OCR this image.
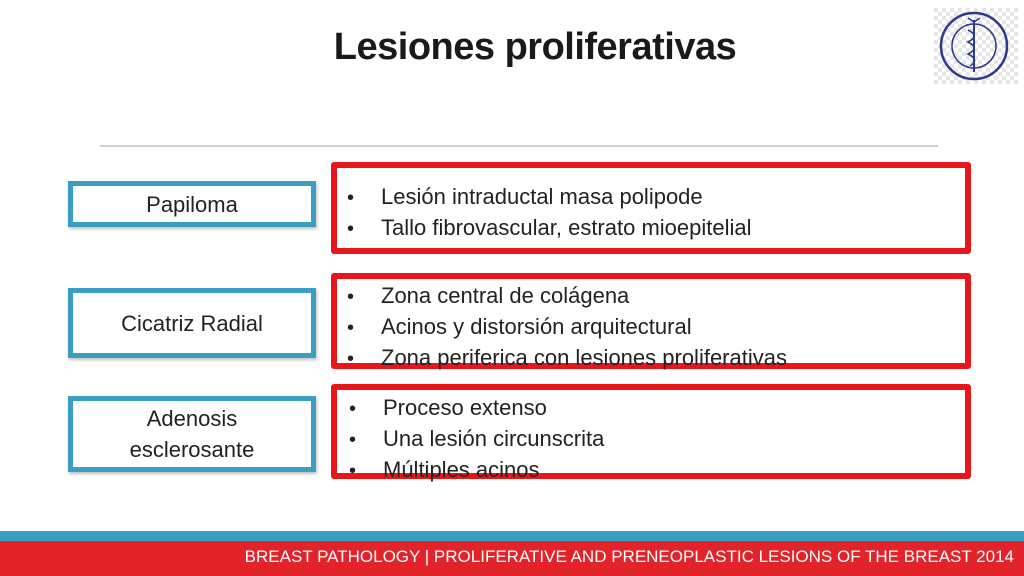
Lesiones proliferativas
Papiloma	• Lesión intraductal masa polipode
• Tallo fibrovascular, estrato mioepitelial
Cicatriz Radial
• Zona central de colágena
• Acinos y distorsión arquitectural
• Zona periferica con lesiones proliferativas
Adenosis
esclerosante
• Proceso extenso
• Una lesión circunscrita
• Múltiples acinos
BREAST PATHOLOGY | PROLIFERATIVE AND PRENEOPLASTIC LESIONS OF THE BREAST 2014
